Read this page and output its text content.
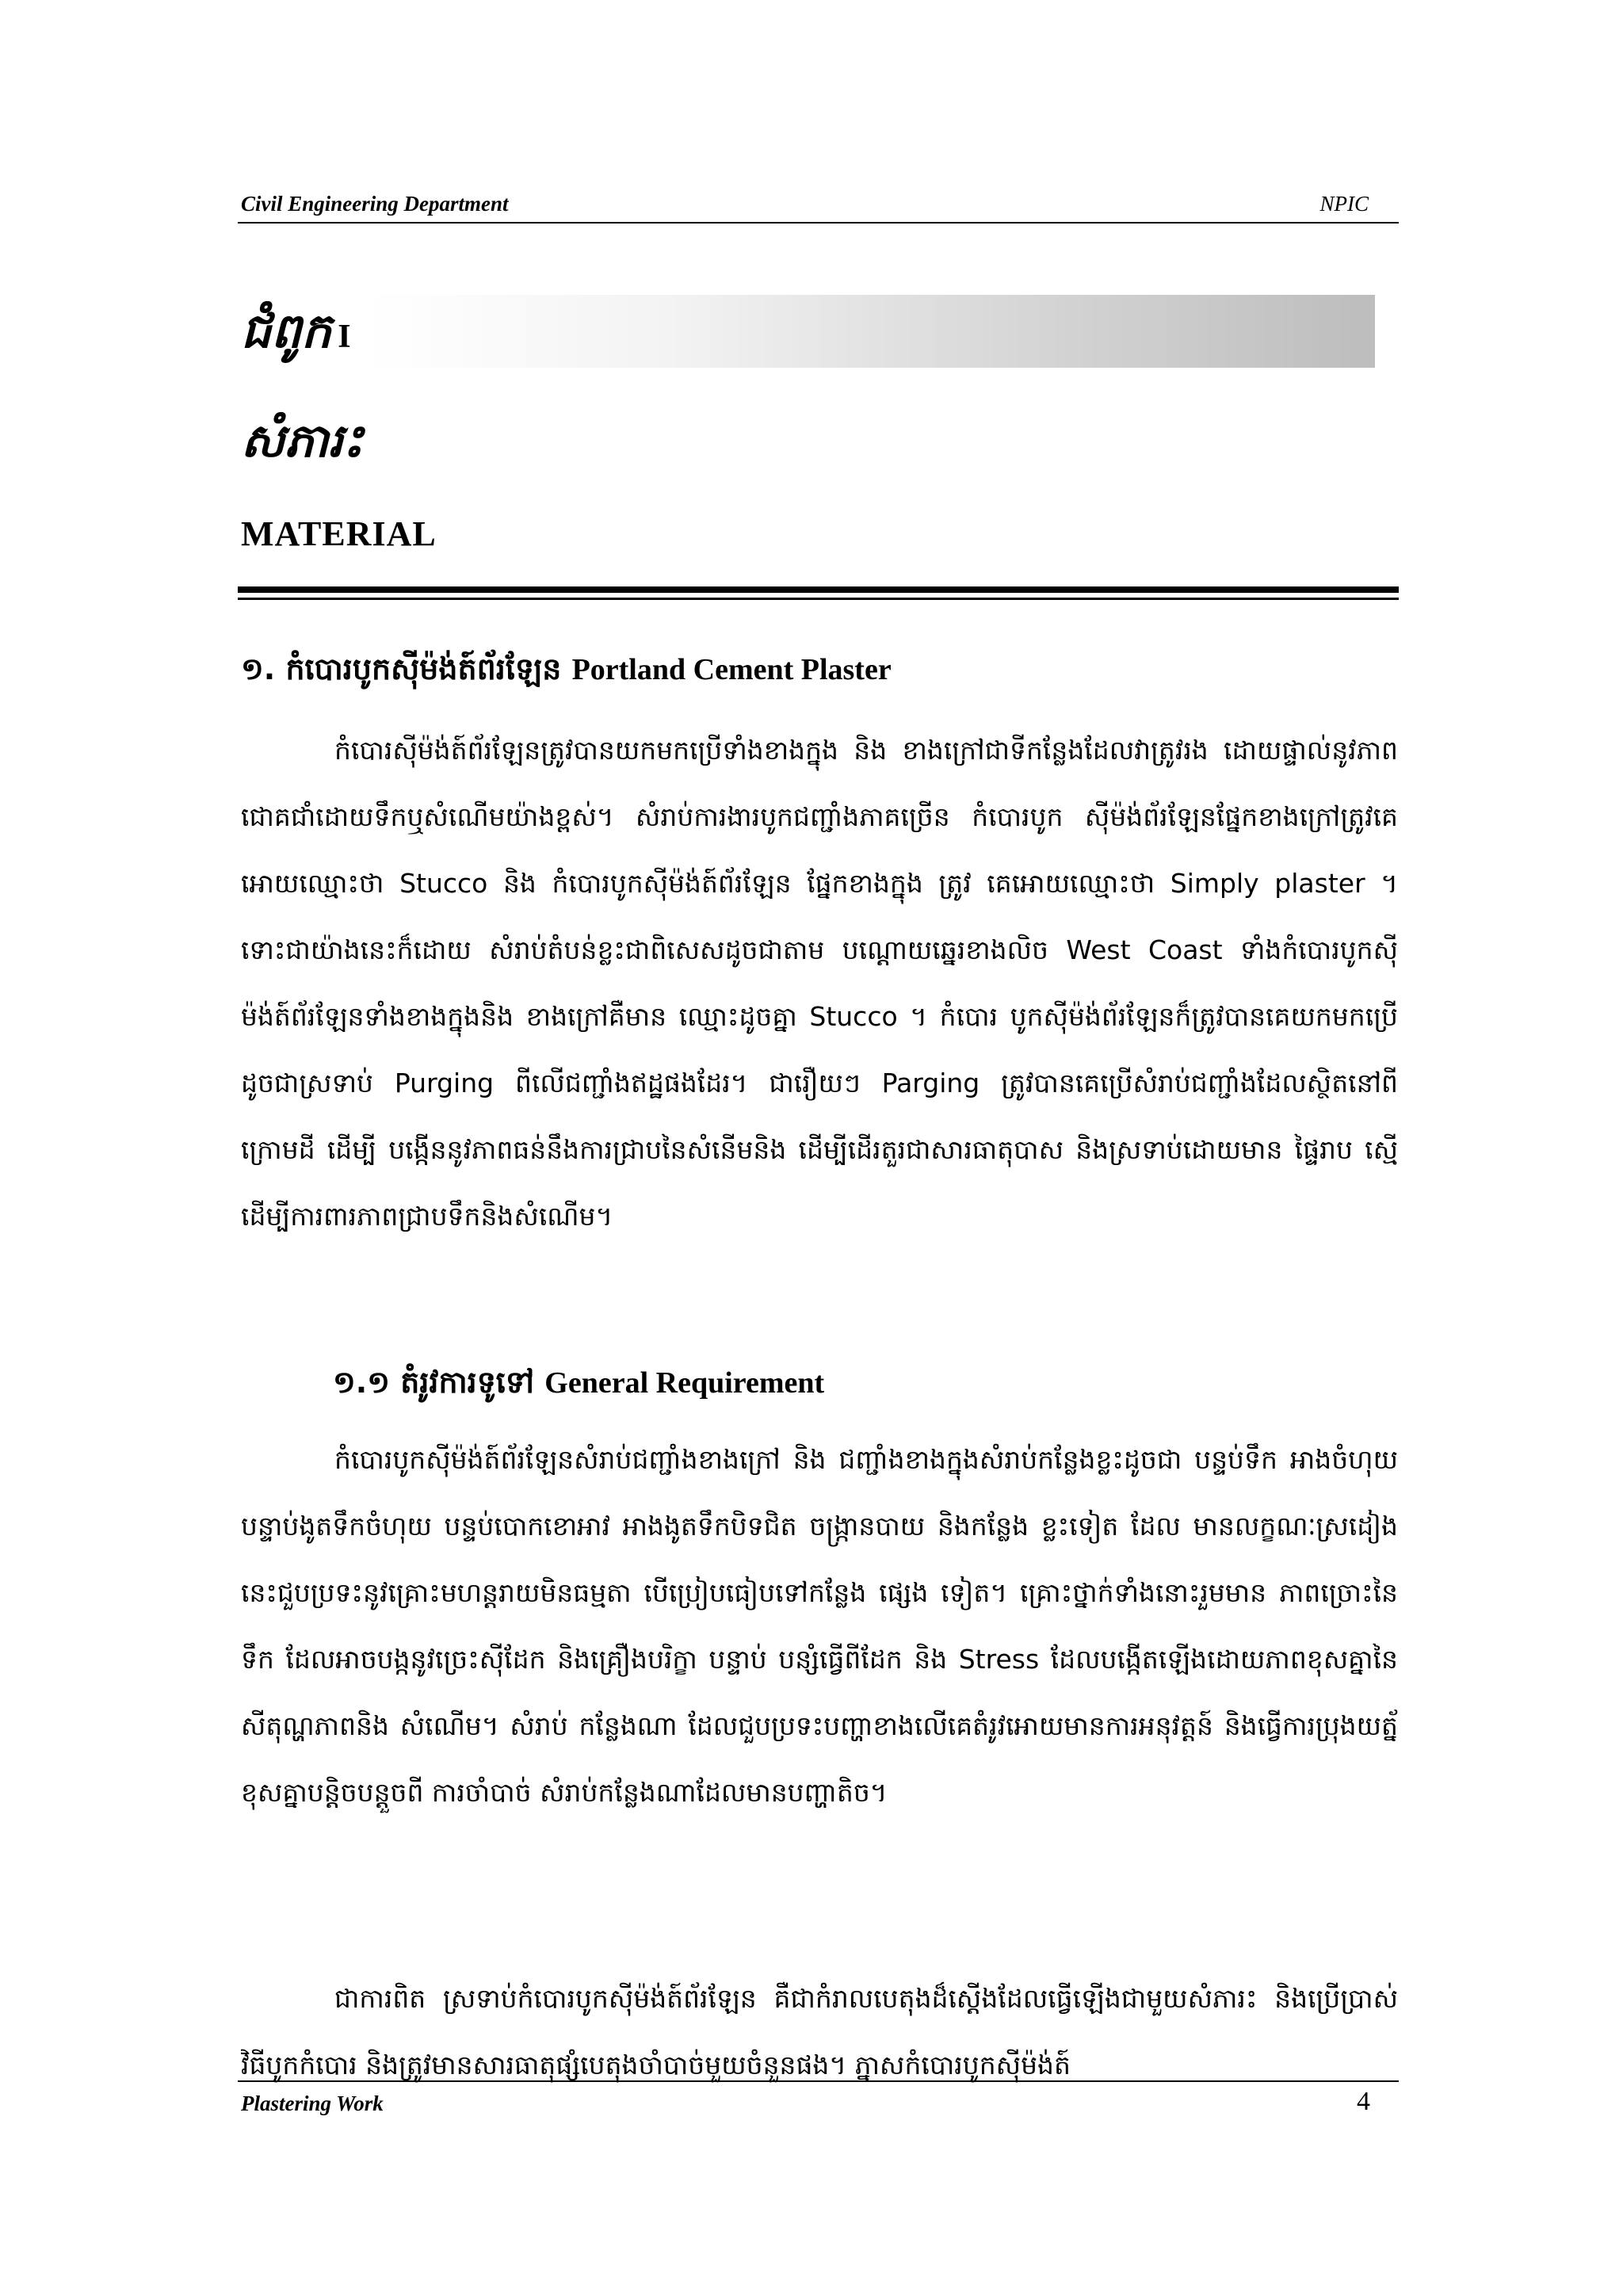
Civil Engineering Department	NPIC
ជំពូក I
សំភារះ
MATERIAL
១. កំបោរបូកស៊ីម៉ង់ត៍ព័រឡែន Portland Cement Plaster
កំបោរស៊ីម៉ង់ត៍ព័រឡែនត្រូវបានយកមកប្រើទាំងខាងក្នុង និង ខាងក្រៅជាទីកន្លែងដែលវាត្រូវរង ដោយផ្ទាល់នូវភាពជោគជាំដោយទឹកឬសំណើមយ៉ាងខ្ពស់។ សំរាប់ការងារបូកជញ្ជាំងភាគច្រើន កំបោរបូក ស៊ីម៉ង់ព័រឡែនផ្នែកខាងក្រៅត្រូវគេអោយឈ្មោះថា Stucco និង កំបោរបូកស៊ីម៉ង់ត៍ព័រឡែន ផ្នែកខាងក្នុង ត្រូវ គេអោយឈ្មោះថា Simply plaster ។ ទោះជាយ៉ាងនេះក៏ដោយ សំរាប់តំបន់ខ្លះជាពិសេសដូចជាតាម បណ្តោយឆ្នេរខាងលិច West Coast ទាំងកំបោរបូកស៊ីម៉ង់ត៍ព័រឡែនទាំងខាងក្នុងនិង ខាងក្រៅគឺមាន ឈ្មោះដូចគ្នា Stucco ។ កំបោរ បូកស៊ីម៉ង់ព័រឡែនក៏ត្រូវបានគេយកមកប្រើដូចជាស្រទាប់ Purging ពីលើជញ្ជាំងឥដ្ឋផងដែរ។ ជារឿយៗ Parging ត្រូវបានគេប្រើសំរាប់ជញ្ជាំងដែលស្ថិតនៅពីក្រោមដី ដើម្បី បង្កើននូវភាពធន់នឹងការជ្រាបនៃសំនើមនិង ដើម្បីដើរតួរជាសារធាតុបាស និងស្រទាប់ដោយមាន ផ្ទៃរាប ស្មើដើម្បីការពារភាពជ្រាបទឹកនិងសំណើម។
១.១ តំរូវការទូទៅ General Requirement
កំបោរបូកស៊ីម៉ង់ត៍ព័រឡែនសំរាប់ជញ្ជាំងខាងក្រៅ និង ជញ្ជាំងខាងក្នុងសំរាប់កន្លែងខ្លះដូចជា បន្ទប់ទឹក អាងចំហុយ បន្ទាប់ងូតទឹកចំហុយ បន្ទប់បោកខោអាវ អាងងូតទឹកបិទជិត ចង្ក្រានបាយ និងកន្លែង ខ្លះទៀត ដែល មានលក្ខណៈស្រដៀងនេះជួបប្រទះនូវគ្រោះមហន្តរាយមិនធម្មតា បើប្រៀបធៀបទៅកន្លែង ផ្សេង ទៀត។ គ្រោះថ្នាក់ទាំងនោះរួមមាន ភាពច្រោះនៃទឹក ដែលអាចបង្កនូវច្រេះស៊ីដែក និងគ្រឿងបរិក្ខា បន្ទាប់ បន្សំធ្វើពីដែក និង Stress ដែលបង្កើតឡើងដោយភាពខុសគ្នានៃសីតុណ្ហភាពនិង សំណើម។ សំរាប់ កន្លែងណា ដែលជួបប្រទះបញ្ហាខាងលើគេតំរូវអោយមានការអនុវត្តន៍ និងធ្វើការប្រុងយត្ន័ខុសគ្នាបន្តិចបន្តួចពី ការចាំបាច់ សំរាប់កន្លែងណាដែលមានបញ្ហាតិច។
ជាការពិត ស្រទាប់កំបោរបូកស៊ីម៉ង់ត៍ព័រឡែន គឺជាកំរាលបេតុងដ៏ស្តើងដែលធ្វើឡើងជាមួយសំភារះ និងប្រើប្រាស់វិធីបូកកំបោរ និងត្រូវមានសារធាតុផ្សំបេតុងចាំបាច់មួយចំនួនផង។ ភ្នាសកំបោរបូកស៊ីម៉ង់ត៍
Plastering Work	4
